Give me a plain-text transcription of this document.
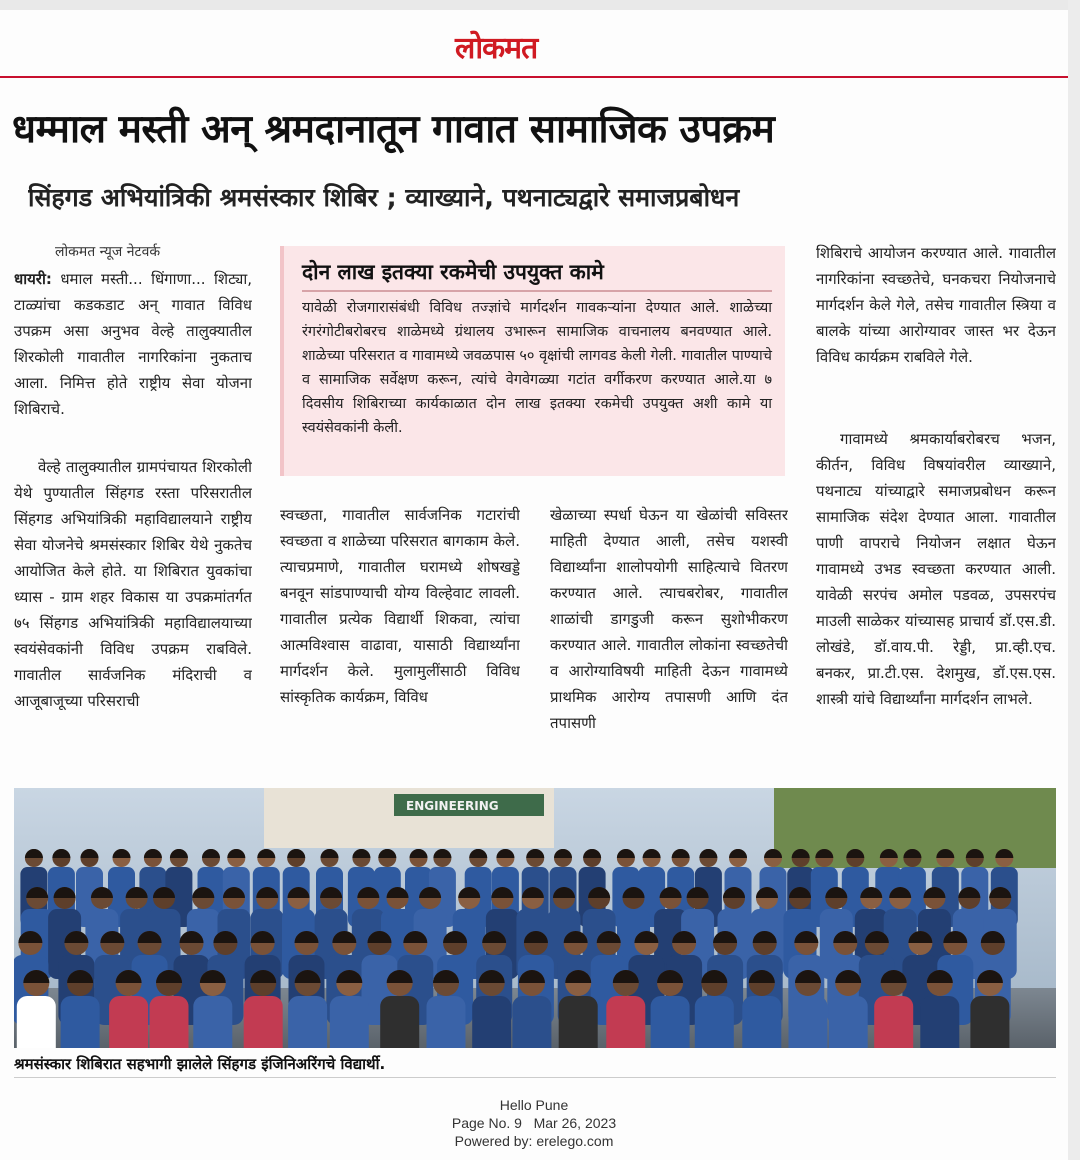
लोकमत
धम्माल मस्ती अन् श्रमदानातून गावात सामाजिक उपक्रम
सिंहगड अभियांत्रिकी श्रमसंस्कार शिबिर ; व्याख्याने, पथनाट्यद्वारे समाजप्रबोधन
लोकमत न्यूज नेटवर्क

धायरी: धमाल मस्ती... धिंगाणा... शिट्या, टाळ्यांचा कडकडाट अन् गावात विविध उपक्रम असा अनुभव वेल्हे तालुक्यातील शिरकोली गावातील नागरिकांना नुकताच आला. निमित्त होते राष्ट्रीय सेवा योजना शिबिराचे.

वेल्हे तालुक्यातील ग्रामपंचायत शिरकोली येथे पुण्यातील सिंहगड रस्ता परिसरातील सिंहगड अभियांत्रिकी महाविद्यालयाने राष्ट्रीय सेवा योजनेचे श्रमसंस्कार शिबिर येथे नुकतेच आयोजित केले होते. या शिबिरात युवकांचा ध्यास - ग्राम शहर विकास या उपक्रमांतर्गत ७५ सिंहगड अभियांत्रिकी महाविद्यालयाच्या स्वयंसेवकांनी विविध उपक्रम राबविले. गावातील सार्वजनिक मंदिराची व आजूबाजूच्या परिसराची

दोन लाख इतक्या रकमेची उपयुक्त कामे
यावेळी रोजगारासंबंधी विविध तज्ज्ञांचे मार्गदर्शन गावकऱ्यांना देण्यात आले. शाळेच्या रंगरंगोटीबरोबरच शाळेमध्ये ग्रंथालय उभारून सामाजिक वाचनालय बनवण्यात आले. शाळेच्या परिसरात व गावामध्ये जवळपास ५० वृक्षांची लागवड केली गेली. गावातील पाण्याचे व सामाजिक सर्वेक्षण करून, त्यांचे वेगवेगळ्या गटांत वर्गीकरण करण्यात आले.या ७ दिवसीय शिबिराच्या कार्यकाळात दोन लाख इतक्या रकमेची उपयुक्त अशी कामे या स्वयंसेवकांनी केली.

स्वच्छता, गावातील सार्वजनिक गटारांची स्वच्छता व शाळेच्या परिसरात बागकाम केले. त्याचप्रमाणे, गावातील घरामध्ये शोषखड्डे बनवून सांडपाण्याची योग्य विल्हेवाट लावली. गावातील प्रत्येक विद्यार्थी शिकवा, त्यांचा आत्मविश्वास वाढावा, यासाठी विद्यार्थ्यांना मार्गदर्शन केले. मुलामुलींसाठी विविध सांस्कृतिक कार्यक्रम, विविध

खेळाच्या स्पर्धा घेऊन या खेळांची सविस्तर माहिती देण्यात आली, तसेच यशस्वी विद्यार्थ्यांना शालोपयोगी साहित्याचे वितरण करण्यात आले. त्याचबरोबर, गावातील शाळांची डागडुजी करून सुशोभीकरण करण्यात आले. गावातील लोकांना स्वच्छतेची व आरोग्याविषयी माहिती देऊन गावामध्ये प्राथमिक आरोग्य तपासणी आणि दंत तपासणी

शिबिराचे आयोजन करण्यात आले. गावातील नागरिकांना स्वच्छतेचे, घनकचरा नियोजनाचे मार्गदर्शन केले गेले, तसेच गावातील स्त्रिया व बालके यांच्या आरोग्यावर जास्त भर देऊन विविध कार्यक्रम राबविले गेले.

गावामध्ये श्रमकार्याबरोबरच भजन, कीर्तन, विविध विषयांवरील व्याख्याने, पथनाट्य यांच्याद्वारे समाजप्रबोधन करून सामाजिक संदेश देण्यात आला. गावातील पाणी वापराचे नियोजन लक्षात घेऊन गावामध्ये उभड स्वच्छता करण्यात आली. यावेळी सरपंच अमोल पडवळ, उपसरपंच माउली साळेकर यांच्यासह प्राचार्य डॉ.एस.डी. लोखंडे, डॉ.वाय.पी. रेड्डी, प्रा.व्ही.एच. बनकर, प्रा.टी.एस. देशमुख, डॉ.एस.एस. शास्त्री यांचे विद्यार्थ्यांना मार्गदर्शन लाभले.

ENGINEERING
श्रमसंस्कार शिबिरात सहभागी झालेले सिंहगड इंजिनिअरिंगचे विद्यार्थी.
Hello Pune
Page No. 9   Mar 26, 2023
Powered by: erelego.com
